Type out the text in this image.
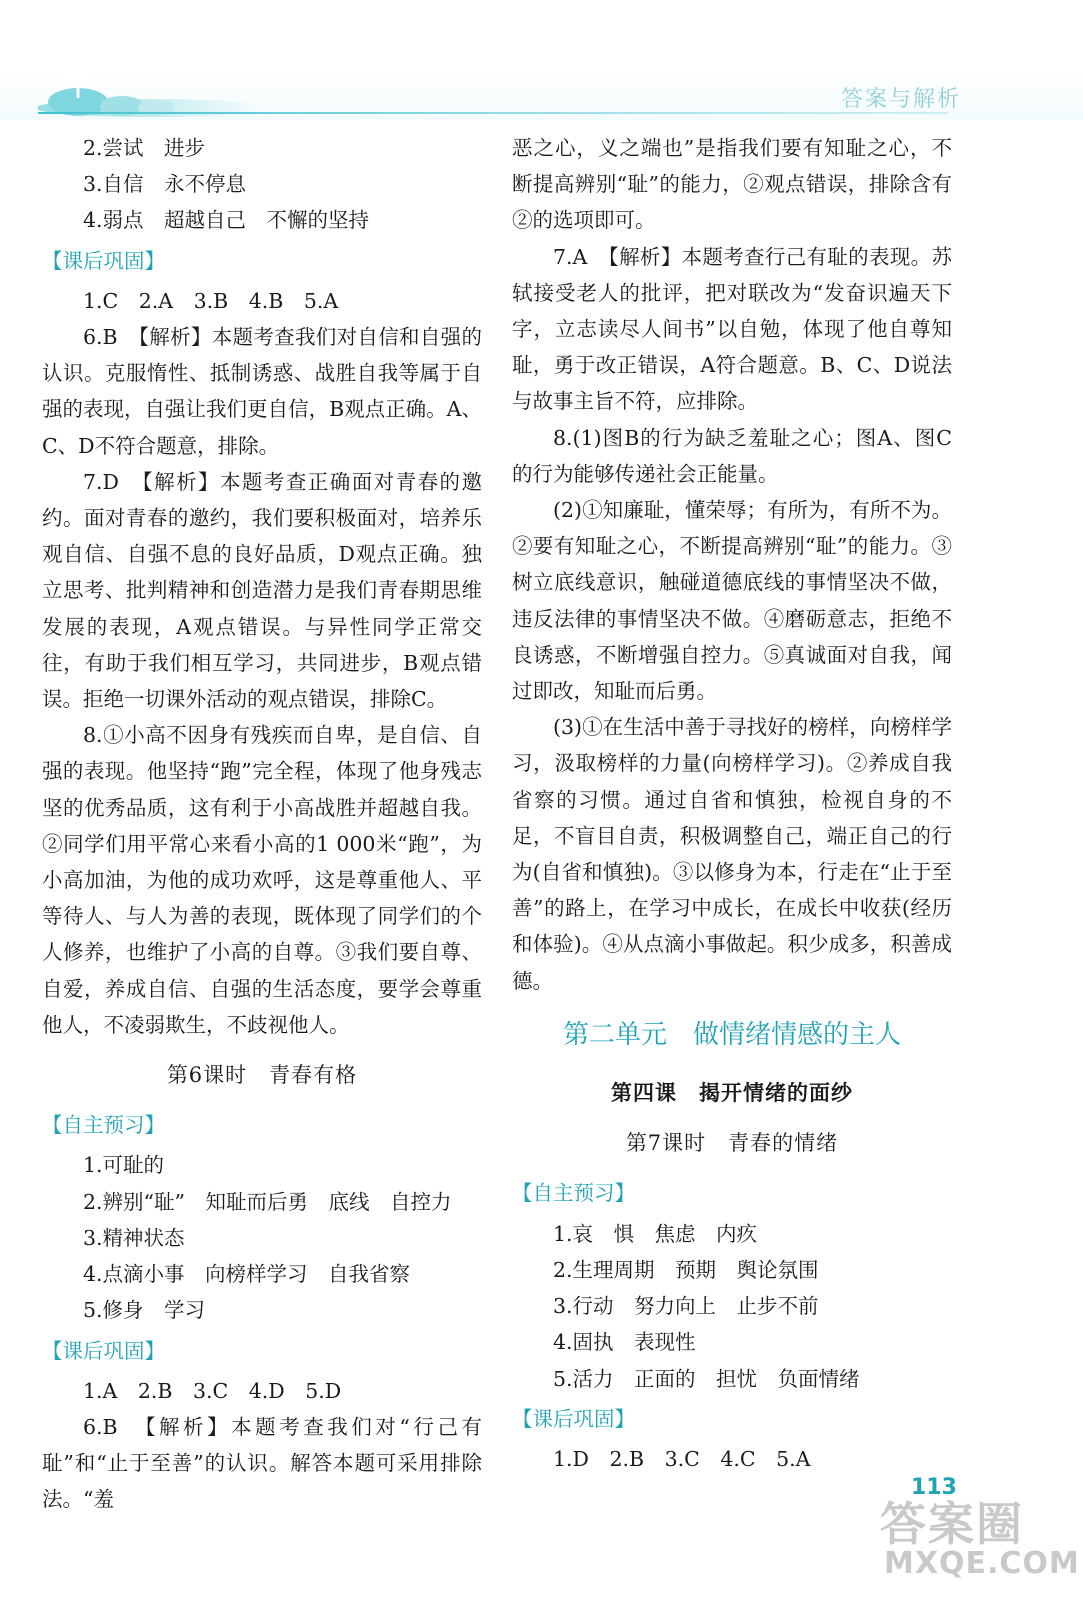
答案与解析

2.尝试　进步

3.自信　永不停息

4.弱点　超越自己　不懈的坚持

【课后巩固】

1.C　2.A　3.B　4.B　5.A

6.B　【解析】本题考查我们对自信和自强的认识。克服惰性、抵制诱惑、战胜自我等属于自强的表现，自强让我们更自信，B观点正确。A、C、D不符合题意，排除。

7.D　【解析】本题考查正确面对青春的邀约。面对青春的邀约，我们要积极面对，培养乐观自信、自强不息的良好品质，D观点正确。独立思考、批判精神和创造潜力是我们青春期思维发展的表现，A观点错误。与异性同学正常交往，有助于我们相互学习，共同进步，B观点错误。拒绝一切课外活动的观点错误，排除C。

8.①小高不因身有残疾而自卑，是自信、自强的表现。他坚持“跑”完全程，体现了他身残志坚的优秀品质，这有利于小高战胜并超越自我。②同学们用平常心来看小高的1 000米“跑”，为小高加油，为他的成功欢呼，这是尊重他人、平等待人、与人为善的表现，既体现了同学们的个人修养，也维护了小高的自尊。③我们要自尊、自爱，养成自信、自强的生活态度，要学会尊重他人，不凌弱欺生，不歧视他人。

第6课时　青春有格
【自主预习】

1.可耻的

2.辨别“耻”　知耻而后勇　底线　自控力

3.精神状态

4.点滴小事　向榜样学习　自我省察

5.修身　学习

【课后巩固】

1.A　2.B　3.C　4.D　5.D

6.B　【解析】本题考查我们对“行己有耻”和“止于至善”的认识。解答本题可采用排除法。“羞

恶之心，义之端也”是指我们要有知耻之心，不断提高辨别“耻”的能力，②观点错误，排除含有②的选项即可。

7.A　【解析】本题考查行己有耻的表现。苏轼接受老人的批评，把对联改为“发奋识遍天下字，立志读尽人间书”以自勉，体现了他自尊知耻，勇于改正错误，A符合题意。B、C、D说法与故事主旨不符，应排除。

8.(1)图B的行为缺乏羞耻之心；图A、图C的行为能够传递社会正能量。

(2)①知廉耻，懂荣辱；有所为，有所不为。②要有知耻之心，不断提高辨别“耻”的能力。③树立底线意识，触碰道德底线的事情坚决不做，违反法律的事情坚决不做。④磨砺意志，拒绝不良诱惑，不断增强自控力。⑤真诚面对自我，闻过即改，知耻而后勇。

(3)①在生活中善于寻找好的榜样，向榜样学习，汲取榜样的力量(向榜样学习)。②养成自我省察的习惯。通过自省和慎独，检视自身的不足，不盲目自责，积极调整自己，端正自己的行为(自省和慎独)。③以修身为本，行走在“止于至善”的路上，在学习中成长，在成长中收获(经历和体验)。④从点滴小事做起。积少成多，积善成德。

第二单元　做情绪情感的主人
第四课　揭开情绪的面纱
第7课时　青春的情绪
【自主预习】

1.哀　惧　焦虑　内疚

2.生理周期　预期　舆论氛围

3.行动　努力向上　止步不前

4.固执　表现性

5.活力　正面的　担忧　负面情绪

【课后巩固】

1.D　2.B　3.C　4.C　5.A

113
答案圈
MXQE.COM
